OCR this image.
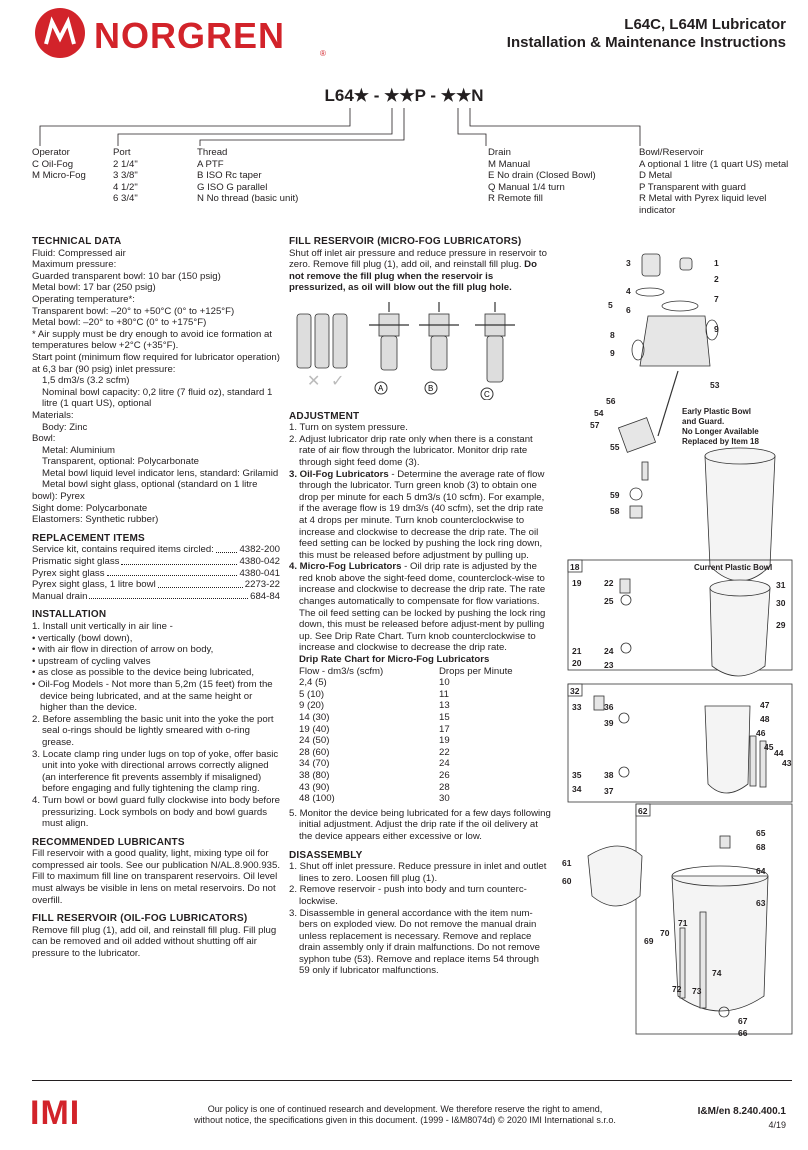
NORGREN	®
L64C, L64M Lubricator
Installation & Maintenance Instructions
L64★ - ★★P - ★★N
Operator
C Oil-Fog
M Micro-Fog
Port
2 1/4"
3 3/8"
4 1/2"
6 3/4"
Thread
A PTF
B ISO Rc taper
G ISO G parallel
N No thread (basic unit)
Drain
M Manual
E No drain (Closed Bowl)
Q Manual 1/4 turn
R Remote fill
Bowl/Reservoir
A optional 1 litre (1 quart US) metal
D Metal
P Transparent with guard
R Metal with Pyrex liquid level indicator
TECHNICAL DATA
Fluid: Compressed air
Maximum pressure:
Guarded transparent bowl: 10 bar (150 psig)
Metal bowl: 17 bar (250 psig)
Operating temperature*:
Transparent bowl: –20° to +50°C (0° to +125°F)
Metal bowl: –20° to +80°C (0° to +175°F)
* Air supply must be dry enough to avoid ice formation at temperatures below +2°C (+35°F).
Start point (minimum flow required for lubricator operation) at 6,3 bar (90 psig) inlet pressure:
1,5 dm3/s (3.2 scfm)
Nominal bowl capacity: 0,2 litre (7 fluid oz), standard 1 litre (1 quart US), optional
Materials:
Body: Zinc
Bowl:
Metal: Aluminium
Transparent, optional: Polycarbonate
Metal bowl liquid level indicator lens, standard: Grilamid
Metal bowl sight glass, optional (standard on 1 litre
bowl): Pyrex
Sight dome: Polycarbonate
Elastomers: Synthetic rubber)
REPLACEMENT ITEMS
Service kit, contains required items circled:	4382-200
Prismatic sight glass	4380-042
Pyrex sight glass	4380-041
Pyrex sight glass, 1 litre bowl	2273-22
Manual drain	684-84
INSTALLATION
1. Install unit vertically in air line -
• vertically (bowl down),
• with air flow in direction of arrow on body,
• upstream of cycling valves
• as close as possible to the device being lubricated,
• Oil-Fog Models - Not more than 5,2m (15 feet) from the device being lubricated, and at the same height or higher than the device.
2. Before assembling the basic unit into the yoke the port seal o-rings should be lightly smeared with o-ring grease.
3. Locate clamp ring under lugs on top of yoke, offer basic unit into yoke with directional arrows correctly aligned (an interference fit prevents assembly if misaligned) before engaging and fully tightening the clamp ring.
4. Turn bowl or bowl guard fully clockwise into body before pressurizing. Lock symbols on body and bowl guards must align.
RECOMMENDED LUBRICANTS
Fill reservoir with a good quality, light, mixing type oil for compressed air tools. See our publication N/AL.8.900.935. Fill to maximum fill line on transparent reservoirs. Oil level must always be visible in lens on metal reservoirs. Do not overfill.
FILL RESERVOIR (OIL-FOG LUBRICATORS)
Remove fill plug (1), add oil, and reinstall fill plug. Fill plug can be removed and oil added without shutting off air pressure to the lubricator.
FILL RESERVOIR (MICRO-FOG LUBRICATORS)
Shut off inlet air pressure and reduce pressure in reservoir to zero. Remove fill plug (1), add oil, and reinstall fill plug. Do not remove the fill plug when the reservoir is pressurized, as oil will blow out the fill plug hole.
✕ ✓	A	B
C
ADJUSTMENT
1. Turn on system pressure.
2. Adjust lubricator drip rate only when there is a constant rate of air flow through the lubricator. Monitor drip rate through sight feed dome (3).
3. Oil-Fog Lubricators - Determine the average rate of flow through the lubricator. Turn green knob (3) to obtain one drop per minute for each 5 dm3/s (10 scfm). For example, if the average flow is 19 dm3/s (40 scfm), set the drip rate at 4 drops per minute. Turn knob counterclockwise to increase and clockwise to decrease the drip rate. The oil feed setting can be locked by pushing the lock ring down, this must be released before adjustment by pulling up.
4. Micro-Fog Lubricators - Oil drip rate is adjusted by the red knob above the sight-feed dome, counterclock-wise to increase and clockwise to decrease the drip rate. The rate changes automatically to compensate for flow variations. The oil feed setting can be locked by pushing the lock ring down, this must be released before adjust-ment by pulling up. See Drip Rate Chart. Turn knob counterclockwise to increase and clockwise to decrease the drip rate.
Drip Rate Chart for Micro-Fog Lubricators
Flow - dm3/s (scfm)	Drops per Minute
2,4 (5)	10
5 (10)	11
9 (20)	13
14 (30)	15
19 (40)	17
24 (50)	19
28 (60)	22
34 (70)	24
38 (80)	26
43 (90)	28
48 (100)	30
5. Monitor the device being lubricated for a few days following initial adjustment. Adjust the drip rate if the oil delivery at the device appears either excessive or low.
DISASSEMBLY
1. Shut off inlet pressure. Reduce pressure in inlet and outlet lines to zero. Loosen fill plug (1).
2. Remove reservoir - push into body and turn counterc-lockwise.
3. Disassemble in general accordance with the item num-bers on exploded view. Do not remove the manual drain unless replacement is necessary. Remove and replace drain assembly only if drain malfunctions. Do not remove syphon tube (53). Remove and replace items 54 through 59 only if lubricator malfunctions.
3	1
2
4
5 6
7
8
9
9
53
56
54
57
55
59
58
18
19	22
25
31
30
29
21	24
20	23
32
33	36
39
47
48
46
45
44
43
35	38
34	37
62
65
68
64
63
61
60
71
70
69
74
72 73
67
66
Early Plastic Bowl
and Guard.
No Longer Available
Replaced by Item 18
Current Plastic Bowl
IMI	Our policy is one of continued research and development. We therefore reserve the right to amend,
without notice, the specifications given in this document. (1999 - I&M8074d) © 2020 IMI International s.r.o.
I&M/en 8.240.400.1
4/19
